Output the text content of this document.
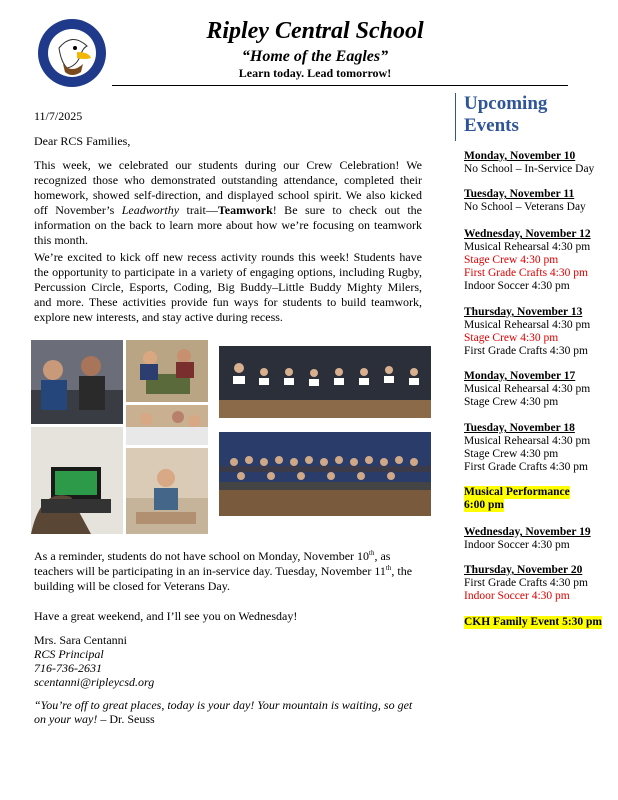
Ripley Central School
“Home of the Eagles”
Learn today. Lead tomorrow!
11/7/2025
Dear RCS Families,
This week, we celebrated our students during our Crew Celebration! We recognized those who demonstrated outstanding attendance, completed their homework, showed self-direction, and displayed school spirit. We also kicked off November’s Leadworthy trait—Teamwork! Be sure to check out the information on the back to learn more about how we’re focusing on teamwork this month.
We’re excited to kick off new recess activity rounds this week! Students have the opportunity to participate in a variety of engaging options, including Rugby, Percussion Circle, Esports, Coding, Big Buddy–Little Buddy Mighty Milers, and more. These activities provide fun ways for students to build teamwork, explore new interests, and stay active during recess.
As a reminder, students do not have school on Monday, November 10th, as teachers will be participating in an in-service day. Tuesday, November 11th, the building will be closed for Veterans Day.
Have a great weekend, and I’ll see you on Wednesday!
Mrs. Sara Centanni
RCS Principal
716-736-2631
scentanni@ripleycsd.org
“You’re off to great places, today is your day! Your mountain is waiting, so get on your way! – Dr. Seuss
Upcoming
Events
Monday, November 10
No School – In-Service Day
Tuesday, November 11
No School – Veterans Day
Wednesday, November 12
Musical Rehearsal 4:30 pm
Stage Crew 4:30 pm
First Grade Crafts 4:30 pm
Indoor Soccer 4:30 pm
Thursday, November 13
Musical Rehearsal 4:30 pm
Stage Crew 4:30 pm
First Grade Crafts 4:30 pm
Monday, November 17
Musical Rehearsal 4:30 pm
Stage Crew 4:30 pm
Tuesday, November 18
Musical Rehearsal 4:30 pm
Stage Crew 4:30 pm
First Grade Crafts 4:30 pm
Musical Performance
6:00 pm
Wednesday, November 19
Indoor Soccer 4:30 pm
Thursday, November 20
First Grade Crafts 4:30 pm
Indoor Soccer 4:30 pm
CKH Family Event 5:30 pm
